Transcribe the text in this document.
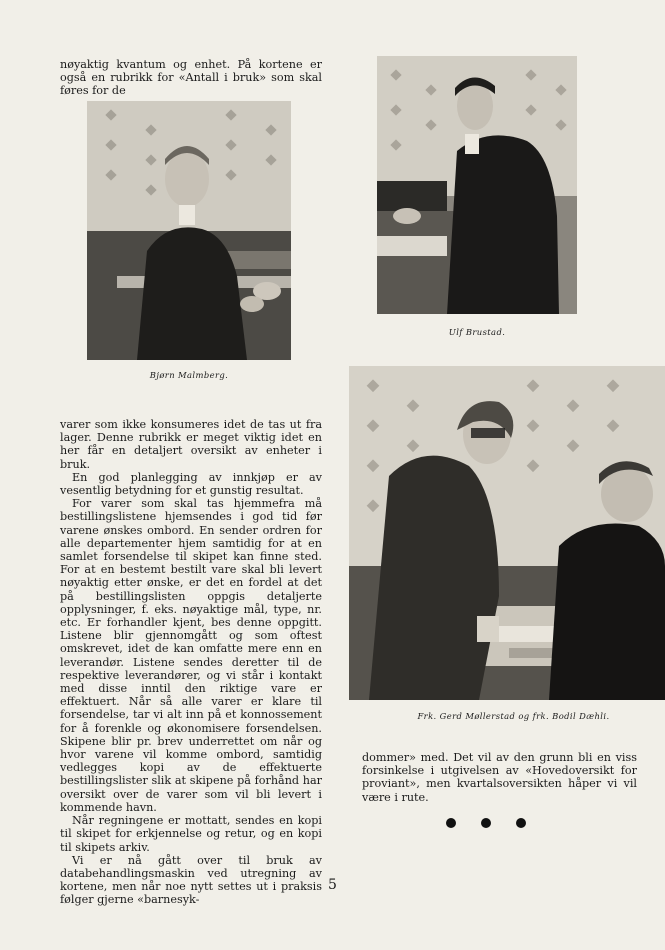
nøyaktig kvantum og enhet. På kortene er også en rubrikk for «Antall i bruk» som skal føres for de

Bjørn Malmberg.
Ulf Brustad.
Frk. Gerd Møllerstad og frk. Bodil Dæhli.

varer som ikke konsumeres idet de tas ut fra lager. Denne rubrikk er meget viktig idet en her får en detaljert oversikt av enheter i bruk.

En god planlegging av innkjøp er av vesentlig betydning for et gunstig resultat.

For varer som skal tas hjemmefra må bestillingslistene hjemsendes i god tid før varene ønskes ombord. En sender ordren for alle departementer hjem samtidig for at en samlet forsendelse til skipet kan finne sted. For at en bestemt bestilt vare skal bli levert nøyaktig etter ønske, er det en fordel at det på bestillingslisten oppgis detaljerte opplysninger, f. eks. nøyaktige mål, type, nr. etc. Er forhandler kjent, bes denne oppgitt. Listene blir gjennomgått og som oftest omskrevet, idet de kan omfatte mere enn en leverandør. Listene sendes deretter til de respektive leverandører, og vi står i kontakt med disse inntil den riktige vare er effektuert. Når så alle varer er klare til forsendelse, tar vi alt inn på et konnossement for å forenkle og økonomisere forsendelsen. Skipene blir pr. brev underrettet om når og hvor varene vil komme ombord, samtidig vedlegges kopi av de effektuerte bestillingslister slik at skipene på forhånd har oversikt over de varer som vil bli levert i kommende havn.

Når regningene er mottatt, sendes en kopi til skipet for erkjennelse og retur, og en kopi til skipets arkiv.

Vi er nå gått over til bruk av databehandlingsmaskin ved utregning av kortene, men når noe nytt settes ut i praksis følger gjerne «barnesyk-

dommer» med. Det vil av den grunn bli en viss forsinkelse i utgivelsen av «Hovedoversikt for proviant», men kvartalsoversikten håper vi vil være i rute.

5
